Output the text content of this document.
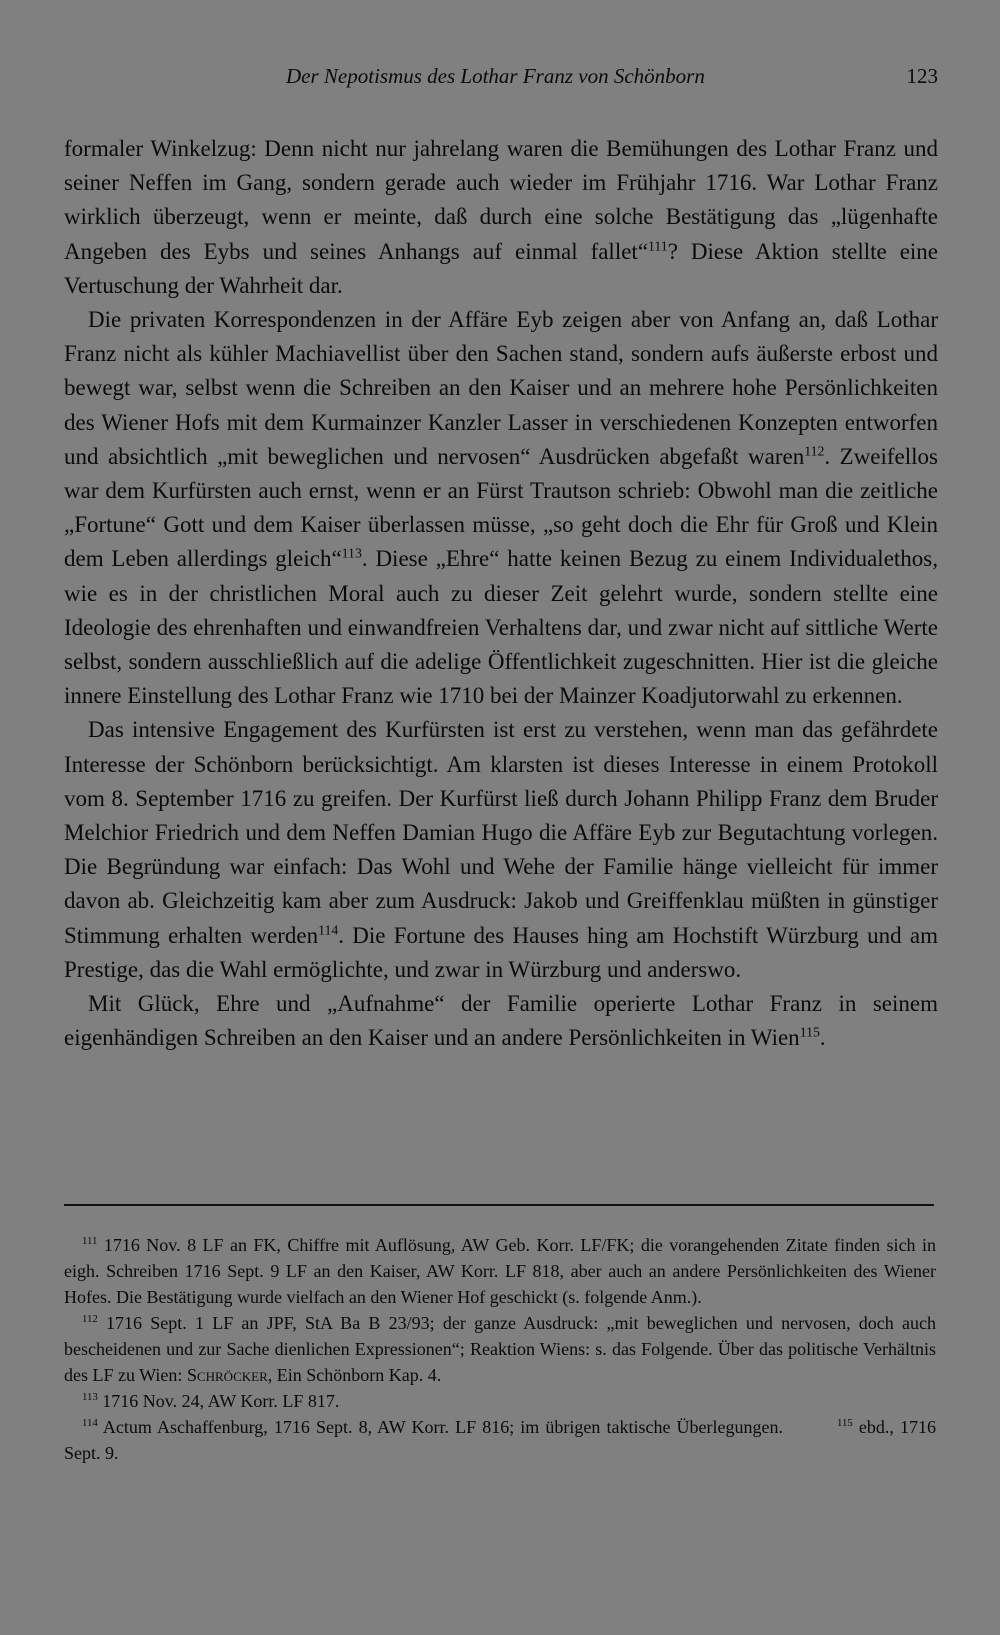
Der Nepotismus des Lothar Franz von Schönborn	123

formaler Winkelzug: Denn nicht nur jahrelang waren die Bemühungen des Lothar Franz und seiner Neffen im Gang, sondern gerade auch wieder im Frühjahr 1716. War Lothar Franz wirklich überzeugt, wenn er meinte, daß durch eine solche Bestätigung das „lügenhafte Angeben des Eybs und seines Anhangs auf einmal fallet“$^{111}$? Diese Aktion stellte eine Vertuschung der Wahrheit dar.

Die privaten Korrespondenzen in der Affäre Eyb zeigen aber von Anfang an, daß Lothar Franz nicht als kühler Machiavellist über den Sachen stand, sondern aufs äußerste erbost und bewegt war, selbst wenn die Schreiben an den Kaiser und an mehrere hohe Persönlichkeiten des Wiener Hofs mit dem Kurmainzer Kanzler Lasser in verschiedenen Konzepten entworfen und absichtlich „mit beweglichen und nervosen“ Ausdrücken abgefaßt waren$^{112}$. Zweifellos war dem Kurfürsten auch ernst, wenn er an Fürst Trautson schrieb: Obwohl man die zeitliche „Fortune“ Gott und dem Kaiser überlassen müsse, „so geht doch die Ehr für Groß und Klein dem Leben allerdings gleich“$^{113}$. Diese „Ehre“ hatte keinen Bezug zu einem Individualethos, wie es in der christlichen Moral auch zu dieser Zeit gelehrt wurde, sondern stellte eine Ideologie des ehrenhaften und einwandfreien Verhaltens dar, und zwar nicht auf sittliche Werte selbst, sondern ausschließlich auf die adelige Öffentlichkeit zugeschnitten. Hier ist die gleiche innere Einstellung des Lothar Franz wie 1710 bei der Mainzer Koadjutorwahl zu erkennen.

Das intensive Engagement des Kurfürsten ist erst zu verstehen, wenn man das gefährdete Interesse der Schönborn berücksichtigt. Am klarsten ist dieses Interesse in einem Protokoll vom 8. September 1716 zu greifen. Der Kurfürst ließ durch Johann Philipp Franz dem Bruder Melchior Friedrich und dem Neffen Damian Hugo die Affäre Eyb zur Begutachtung vorlegen. Die Begründung war einfach: Das Wohl und Wehe der Familie hänge vielleicht für immer davon ab. Gleichzeitig kam aber zum Ausdruck: Jakob und Greiffenklau müßten in günstiger Stimmung erhalten werden$^{114}$. Die Fortune des Hauses hing am Hochstift Würzburg und am Prestige, das die Wahl ermöglichte, und zwar in Würzburg und anderswo.

Mit Glück, Ehre und „Aufnahme“ der Familie operierte Lothar Franz in seinem eigenhändigen Schreiben an den Kaiser und an andere Persönlichkeiten in Wien$^{115}$.

$^{111}$ 1716 Nov. 8 LF an FK, Chiffre mit Auflösung, AW Geb. Korr. LF/FK; die vorangehenden Zitate finden sich in eigh. Schreiben 1716 Sept. 9 LF an den Kaiser, AW Korr. LF 818, aber auch an andere Persönlichkeiten des Wiener Hofes. Die Bestätigung wurde vielfach an den Wiener Hof geschickt (s. folgende Anm.).

$^{112}$ 1716 Sept. 1 LF an JPF, StA Ba B 23/93; der ganze Ausdruck: „mit beweglichen und nervosen, doch auch bescheidenen und zur Sache dienlichen Expressionen“; Reaktion Wiens: s. das Folgende. Über das politische Verhältnis des LF zu Wien: Schröcker, Ein Schönborn Kap. 4.

$^{113}$ 1716 Nov. 24, AW Korr. LF 817.

$^{114}$ Actum Aschaffenburg, 1716 Sept. 8, AW Korr. LF 816; im übrigen taktische Überlegungen.   	$^{115}$ ebd., 1716 Sept. 9.
